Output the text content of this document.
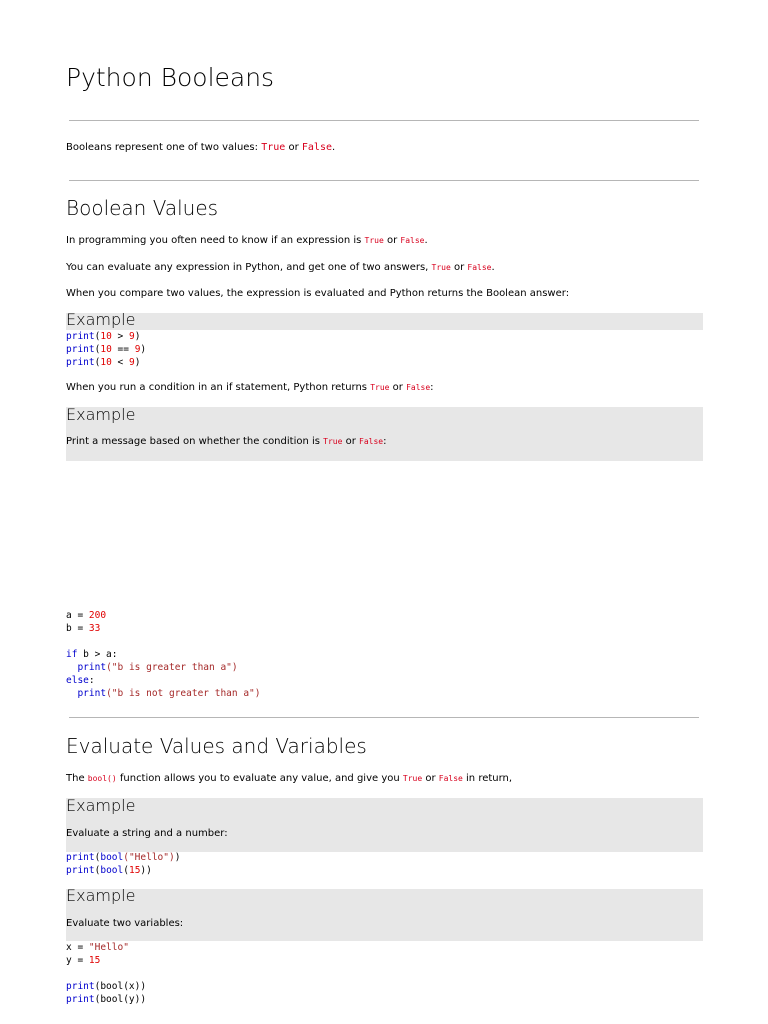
Python Booleans
Booleans represent one of two values: True or False.
Boolean Values
In programming you often need to know if an expression is True or False.
You can evaluate any expression in Python, and get one of two answers, True or False.
When you compare two values, the expression is evaluated and Python returns the Boolean answer:
Example
print(10 > 9)
print(10 == 9)
print(10 < 9)
When you run a condition in an if statement, Python returns True or False:
Example
Print a message based on whether the condition is True or False:
a = 200
b = 33

if b > a:
print("b is greater than a")
else:
print("b is not greater than a")
Evaluate Values and Variables
The bool() function allows you to evaluate any value, and give you True or False in return,
Example
Evaluate a string and a number:
print(bool("Hello"))
print(bool(15))
Example
Evaluate two variables:
x = "Hello"
y = 15

print(bool(x))
print(bool(y))
